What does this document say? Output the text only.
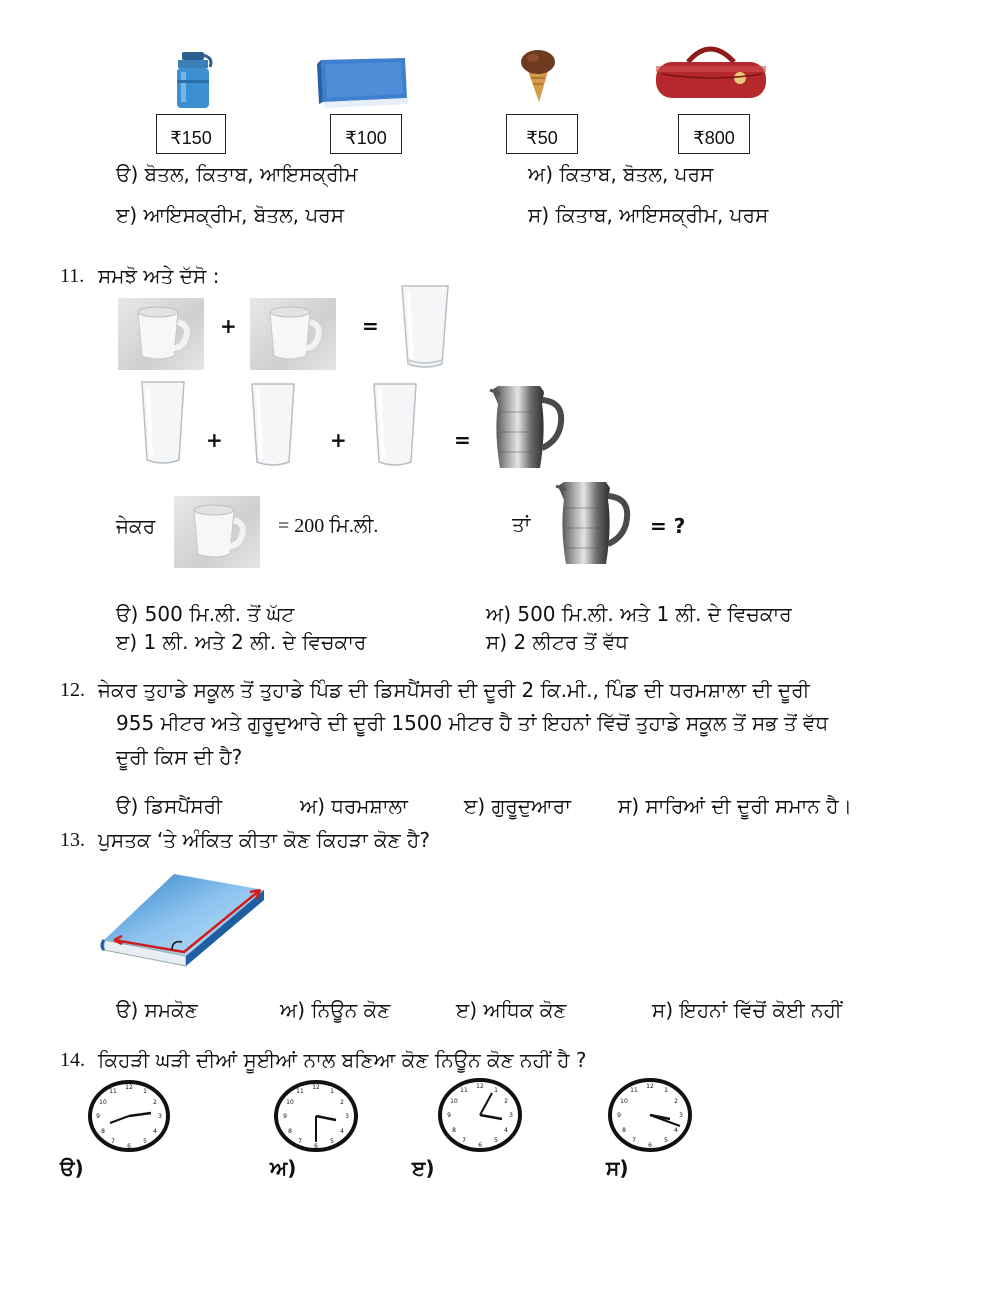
₹150	₹100	₹50	₹800
ੳ) ਬੋਤਲ, ਕਿਤਾਬ, ਆਇਸਕ੍ਰੀਮ	ਅ) ਕਿਤਾਬ, ਬੋਤਲ, ਪਰਸ
ੲ) ਆਇਸਕ੍ਰੀਮ, ਬੋਤਲ, ਪਰਸ	ਸ) ਕਿਤਾਬ, ਆਇਸਕ੍ਰੀਮ, ਪਰਸ
11. ਸਮਝੋ ਅਤੇ ਦੱਸੋ :
+	=
+	+	=
ਜੇਕਰ	= 200 ਮਿ.ਲੀ.	ਤਾਂ	= ?
ੳ) 500 ਮਿ.ਲੀ. ਤੋਂ ਘੱਟ	ਅ) 500 ਮਿ.ਲੀ. ਅਤੇ 1 ਲੀ. ਦੇ ਵਿਚਕਾਰ
ੲ) 1 ਲੀ. ਅਤੇ 2 ਲੀ. ਦੇ ਵਿਚਕਾਰ	ਸ) 2 ਲੀਟਰ ਤੋਂ ਵੱਧ
12. ਜੇਕਰ ਤੁਹਾਡੇ ਸਕੂਲ ਤੋਂ ਤੁਹਾਡੇ ਪਿੰਡ ਦੀ ਡਿਸਪੈਂਸਰੀ ਦੀ ਦੂਰੀ 2 ਕਿ.ਮੀ., ਪਿੰਡ ਦੀ ਧਰਮਸ਼ਾਲਾ ਦੀ ਦੂਰੀ
955 ਮੀਟਰ ਅਤੇ ਗੁਰੂਦੁਆਰੇ ਦੀ ਦੂਰੀ 1500 ਮੀਟਰ ਹੈ ਤਾਂ ਇਹਨਾਂ ਵਿੱਚੋਂ ਤੁਹਾਡੇ ਸਕੂਲ ਤੋਂ ਸਭ ਤੋਂ ਵੱਧ
ਦੂਰੀ ਕਿਸ ਦੀ ਹੈ?
ੳ) ਡਿਸਪੈਂਸਰੀ	ਅ) ਧਰਮਸ਼ਾਲਾ	ੲ) ਗੁਰੂਦੁਆਰਾ ਸ) ਸਾਰਿਆਂ ਦੀ ਦੂਰੀ ਸਮਾਨ ਹੈ।
13. ਪੁਸਤਕ ‘ਤੇ ਅੰਕਿਤ ਕੀਤਾ ਕੋਣ ਕਿਹੜਾ ਕੋਣ ਹੈ?
ੳ) ਸਮਕੋਣ	ਅ) ਨਿਊਨ ਕੋਣ	ੲ) ਅਧਿਕ ਕੋਣ	ਸ) ਇਹਨਾਂ ਵਿੱਚੋਂ ਕੋਈ ਨਹੀਂ
14. ਕਿਹੜੀ ਘੜੀ ਦੀਆਂ ਸੂਈਆਂ ਨਾਲ ਬਣਿਆ ਕੋਣ ਨਿਊਨ ਕੋਣ ਨਹੀਂ ਹੈ ?
12
6
9	3
1
2
4
5
7
8
10
11
12
6
9	3
1
2
4
5
7
8
10
11
12
6
9	3
1
2
4
5
7
8
10
11
12
6
9	3
1
2
4
5
7
8
10
11
ੳ)	ਅ)	ੲ)	ਸ)
